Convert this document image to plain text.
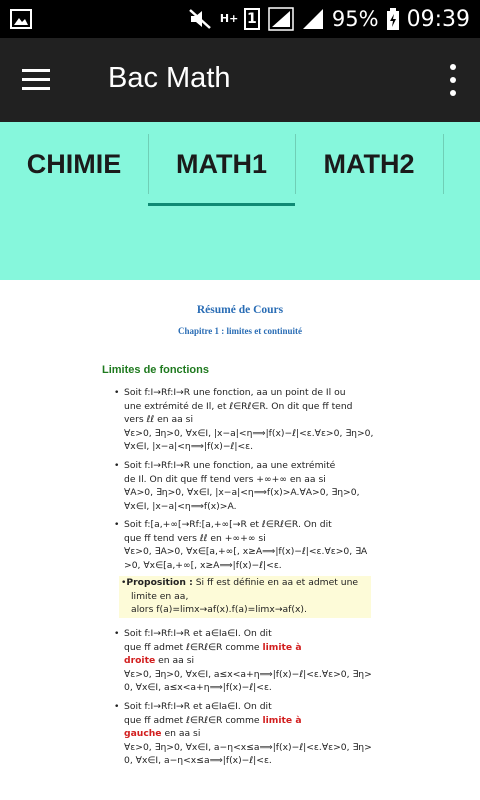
H+ 1	95% 09:39
Bac Math
CHIMIE	MATH1	MATH2
Résumé de Cours
Chapitre 1 : limites et continuité
Limites de fonctions
• Soit f:I→Rf:I→R une fonction, aa un point de Il ou
une extrémité de Il, et ℓ∈Rℓ∈R. On dit que ff tend
vers ℓℓ en aa si
∀ε>0, ∃η>0, ∀x∈I, |x−a|<η⟹|f(x)−ℓ|<ε.∀ε>0, ∃η>0,
∀x∈I, |x−a|<η⟹|f(x)−ℓ|<ε.
• Soit f:I→Rf:I→R une fonction, aa une extrémité
de Il. On dit que ff tend vers +∞+∞ en aa si
∀A>0, ∃η>0, ∀x∈I, |x−a|<η⟹f(x)>A.∀A>0, ∃η>0,
∀x∈I, |x−a|<η⟹f(x)>A.
• Soit f:[a,+∞[→Rf:[a,+∞[→R et ℓ∈Rℓ∈R. On dit
que ff tend vers ℓℓ en +∞+∞ si
∀ε>0, ∃A>0, ∀x∈[a,+∞[, x≥A⟹|f(x)−ℓ|<ε.∀ε>0, ∃A
>0, ∀x∈[a,+∞[, x≥A⟹|f(x)−ℓ|<ε.
•Proposition : Si ff est définie en aa et admet une
limite en aa,
alors f(a)=limx→af(x).f(a)=limx→af(x).
• Soit f:I→Rf:I→R et a∈Ia∈I. On dit
que ff admet ℓ∈Rℓ∈R comme limite à
droite en aa si
∀ε>0, ∃η>0, ∀x∈I, a≤x<a+η⟹|f(x)−ℓ|<ε.∀ε>0, ∃η>
0, ∀x∈I, a≤x<a+η⟹|f(x)−ℓ|<ε.
• Soit f:I→Rf:I→R et a∈Ia∈I. On dit
que ff admet ℓ∈Rℓ∈R comme limite à
gauche en aa si
∀ε>0, ∃η>0, ∀x∈I, a−η<x≤a⟹|f(x)−ℓ|<ε.∀ε>0, ∃η>
0, ∀x∈I, a−η<x≤a⟹|f(x)−ℓ|<ε.
